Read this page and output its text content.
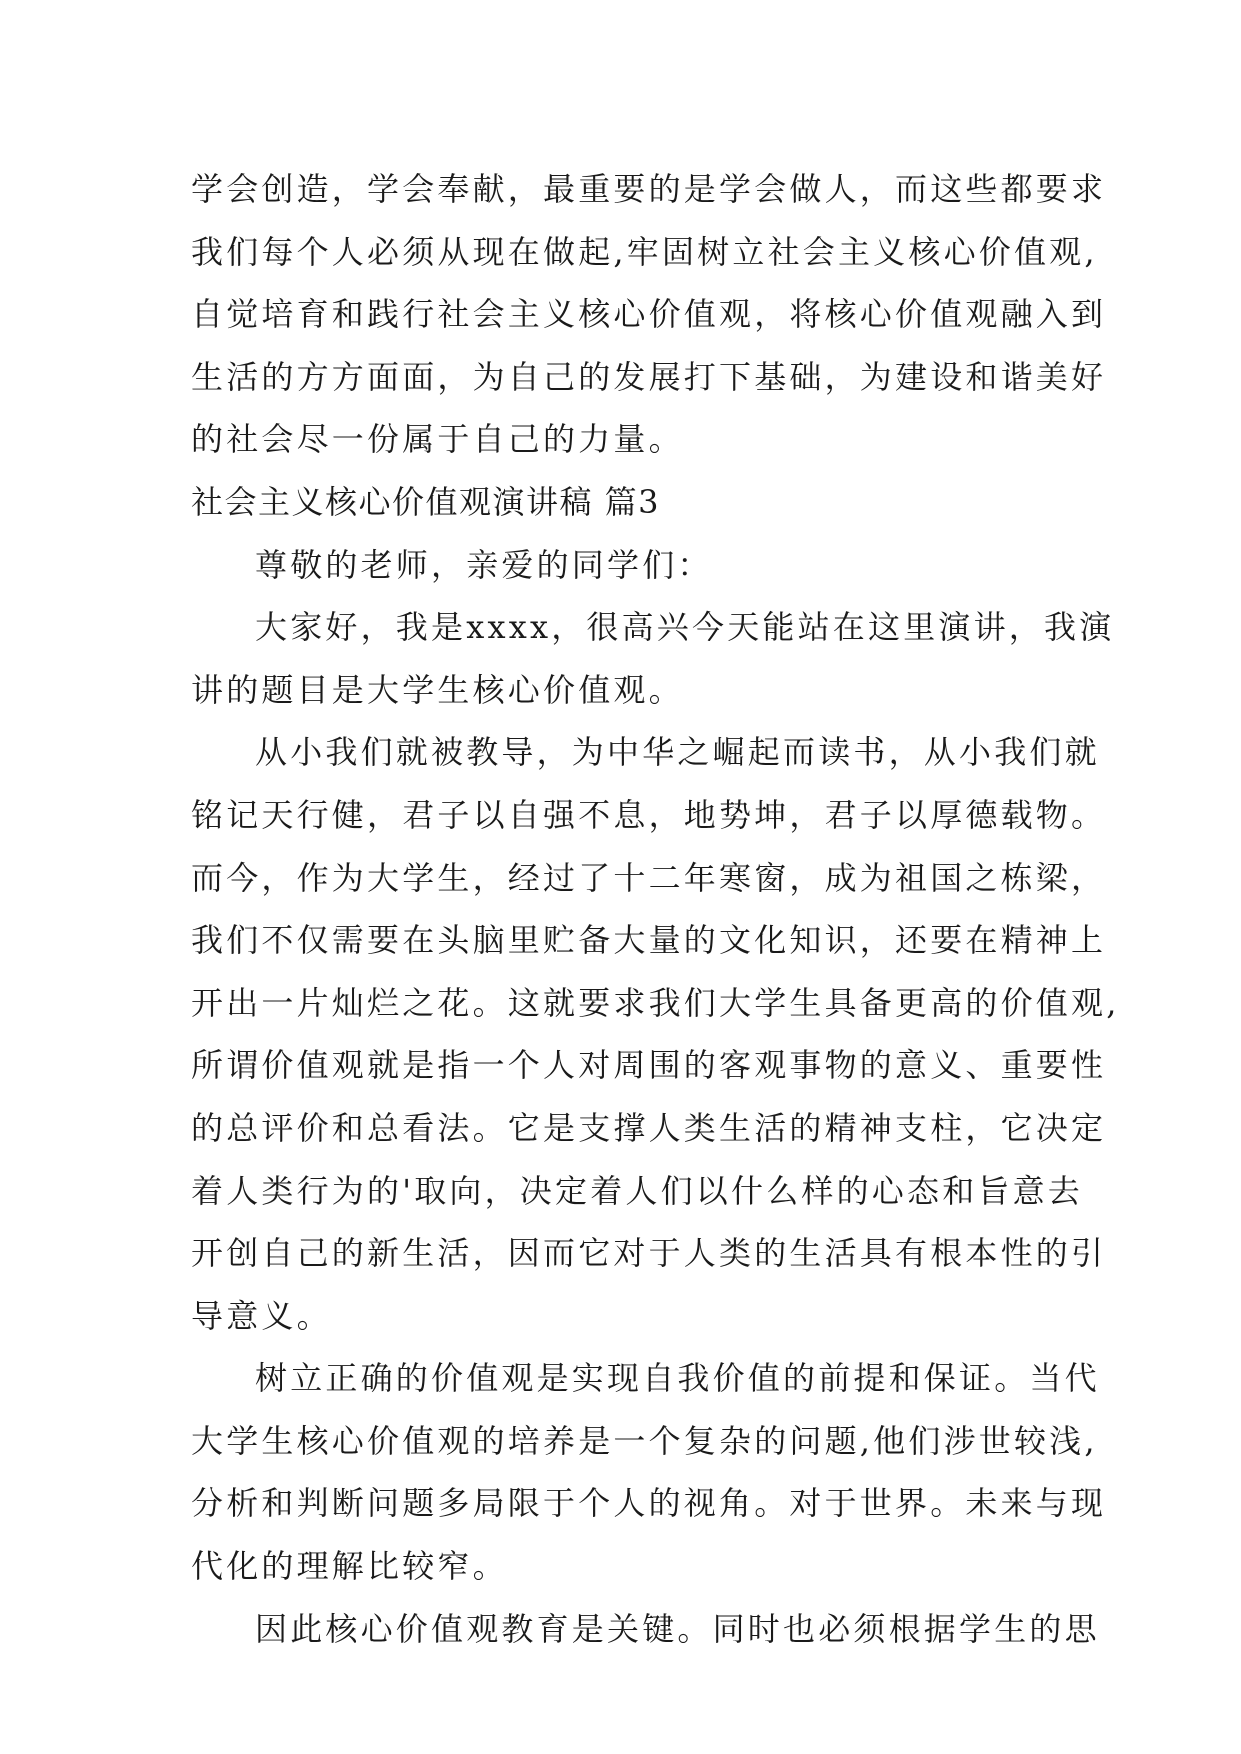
学会创造，学会奉献，最重要的是学会做人，而这些都要求
我们每个人必须从现在做起,牢固树立社会主义核心价值观,
自觉培育和践行社会主义核心价值观，将核心价值观融入到
生活的方方面面，为自己的发展打下基础，为建设和谐美好
的社会尽一份属于自己的力量。
社会主义核心价值观演讲稿 篇3
尊敬的老师，亲爱的同学们：
大家好，我是xxxx，很高兴今天能站在这里演讲，我演
讲的题目是大学生核心价值观。
从小我们就被教导，为中华之崛起而读书，从小我们就
铭记天行健，君子以自强不息，地势坤，君子以厚德载物。
而今，作为大学生，经过了十二年寒窗，成为祖国之栋梁，
我们不仅需要在头脑里贮备大量的文化知识，还要在精神上
开出一片灿烂之花。这就要求我们大学生具备更高的价值观,
所谓价值观就是指一个人对周围的客观事物的意义、重要性
的总评价和总看法。它是支撑人类生活的精神支柱，它决定
着人类行为的'取向，决定着人们以什么样的心态和旨意去
开创自己的新生活，因而它对于人类的生活具有根本性的引
导意义。
树立正确的价值观是实现自我价值的前提和保证。当代
大学生核心价值观的培养是一个复杂的问题,他们涉世较浅,
分析和判断问题多局限于个人的视角。对于世界。未来与现
代化的理解比较窄。
因此核心价值观教育是关键。同时也必须根据学生的思
